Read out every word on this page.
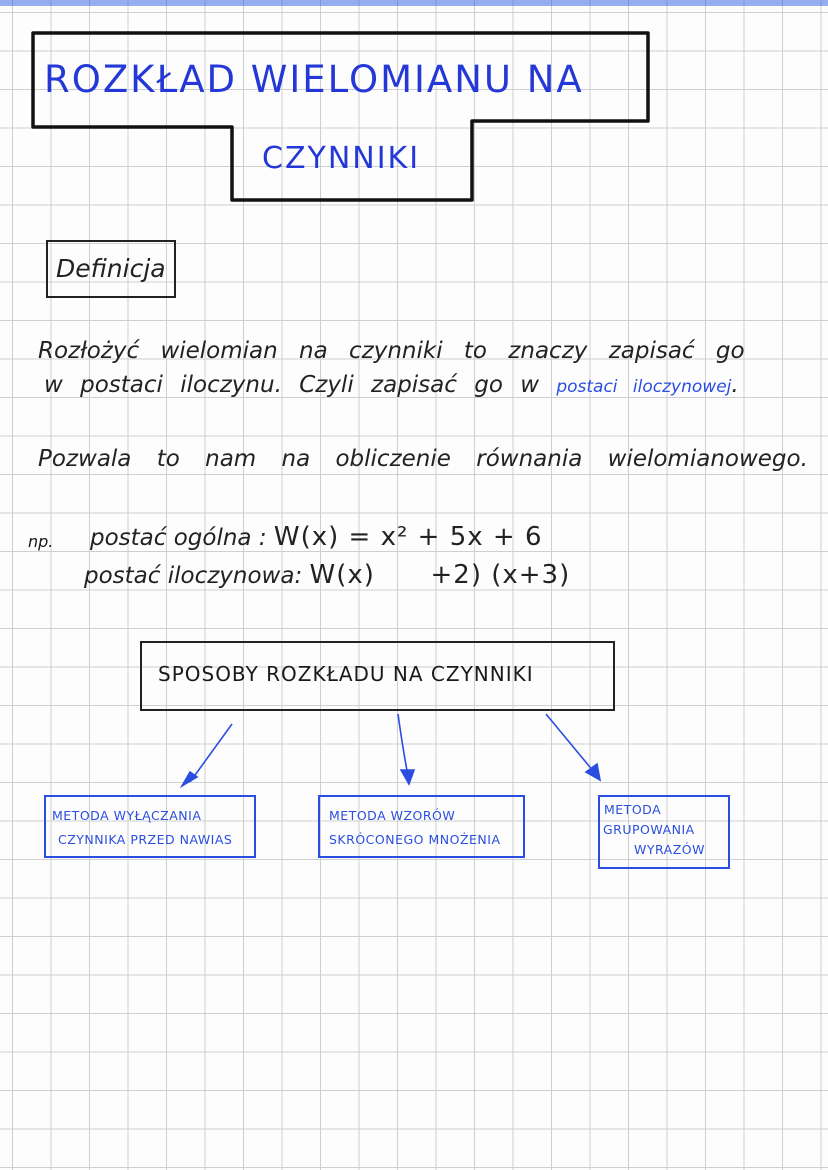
ROZKŁAD WIELOMIANU NA
CZYNNIKI
Definicja
Rozłożyć wielomian na czynniki to znaczy zapisać go
w postaci iloczynu. Czyli zapisać go w postaci iloczynowej.
Pozwala to nam na obliczenie równania wielomianowego.
np. postać ogólna : W(x) = x² + 5x + 6
postać iloczynowa: W(x)      +2) (x+3)
SPOSOBY ROZKŁADU NA CZYNNIKI
METODA WYŁĄCZANIA
CZYNNIKA PRZED NAWIAS
METODA WZORÓW
SKRÓCONEGO MNOŻENIA
METODA
GRUPOWANIA
WYRAZÓW
